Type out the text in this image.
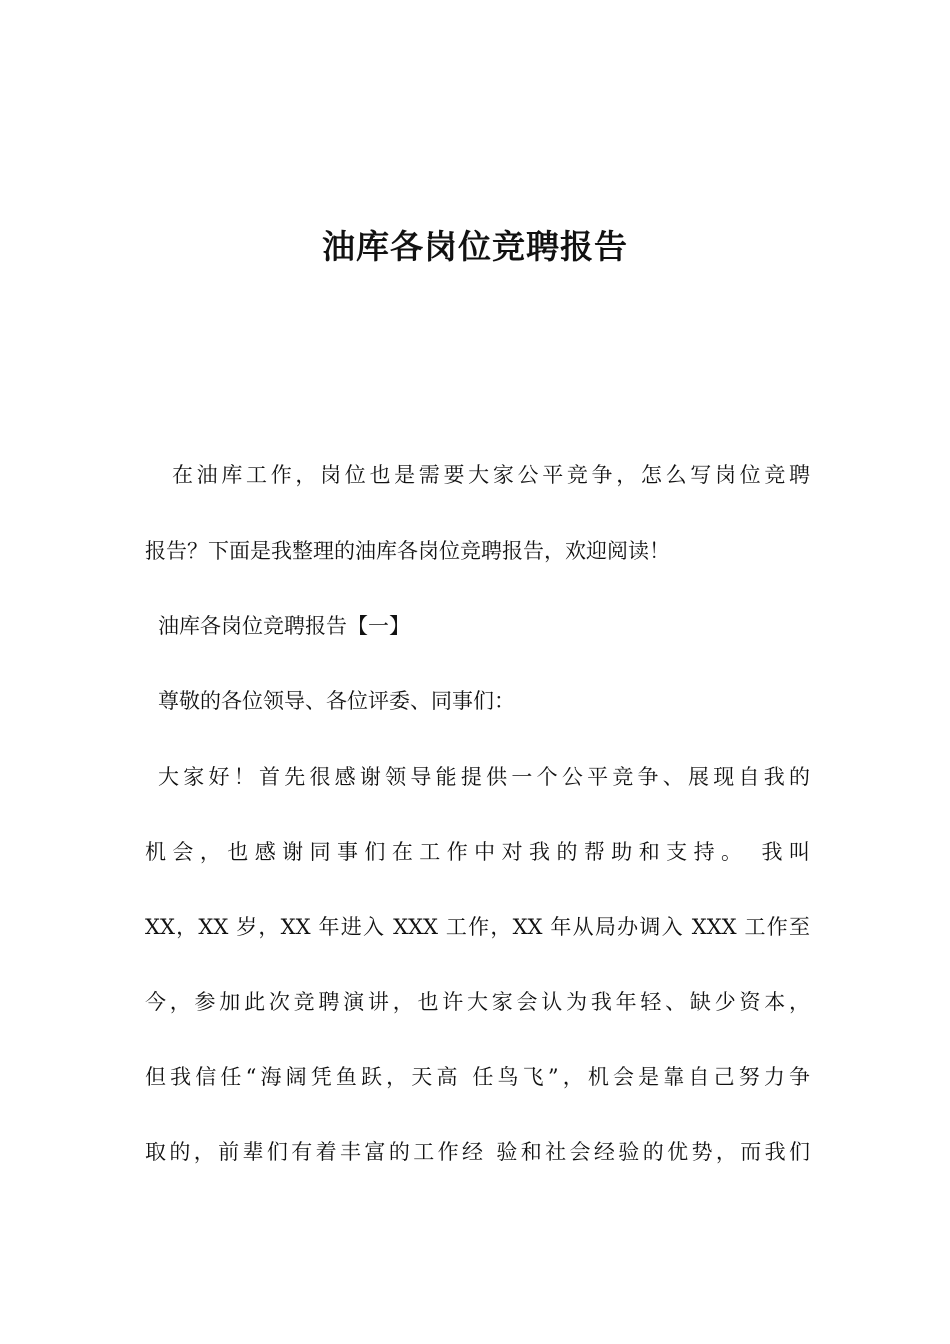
油库各岗位竞聘报告

在油库工作，岗位也是需要大家公平竞争，怎么写岗位竞聘

报告？下面是我整理的油库各岗位竞聘报告，欢迎阅读！

油库各岗位竞聘报告【一】

尊敬的各位领导、各位评委、同事们：

大家好！首先很感谢领导能提供一个公平竞争、展现自我的

机会，也感谢同事们在工作中对我的帮助和支持。 我叫

XX，XX 岁，XX 年进入 XXX 工作，XX 年从局办调入 XXX 工作至

今，参加此次竞聘演讲，也许大家会认为我年轻、缺少资本，

但我信任“海阔凭鱼跃，天高 任鸟飞”，机会是靠自己努力争

取的，前辈们有着丰富的工作经 验和社会经验的优势，而我们
